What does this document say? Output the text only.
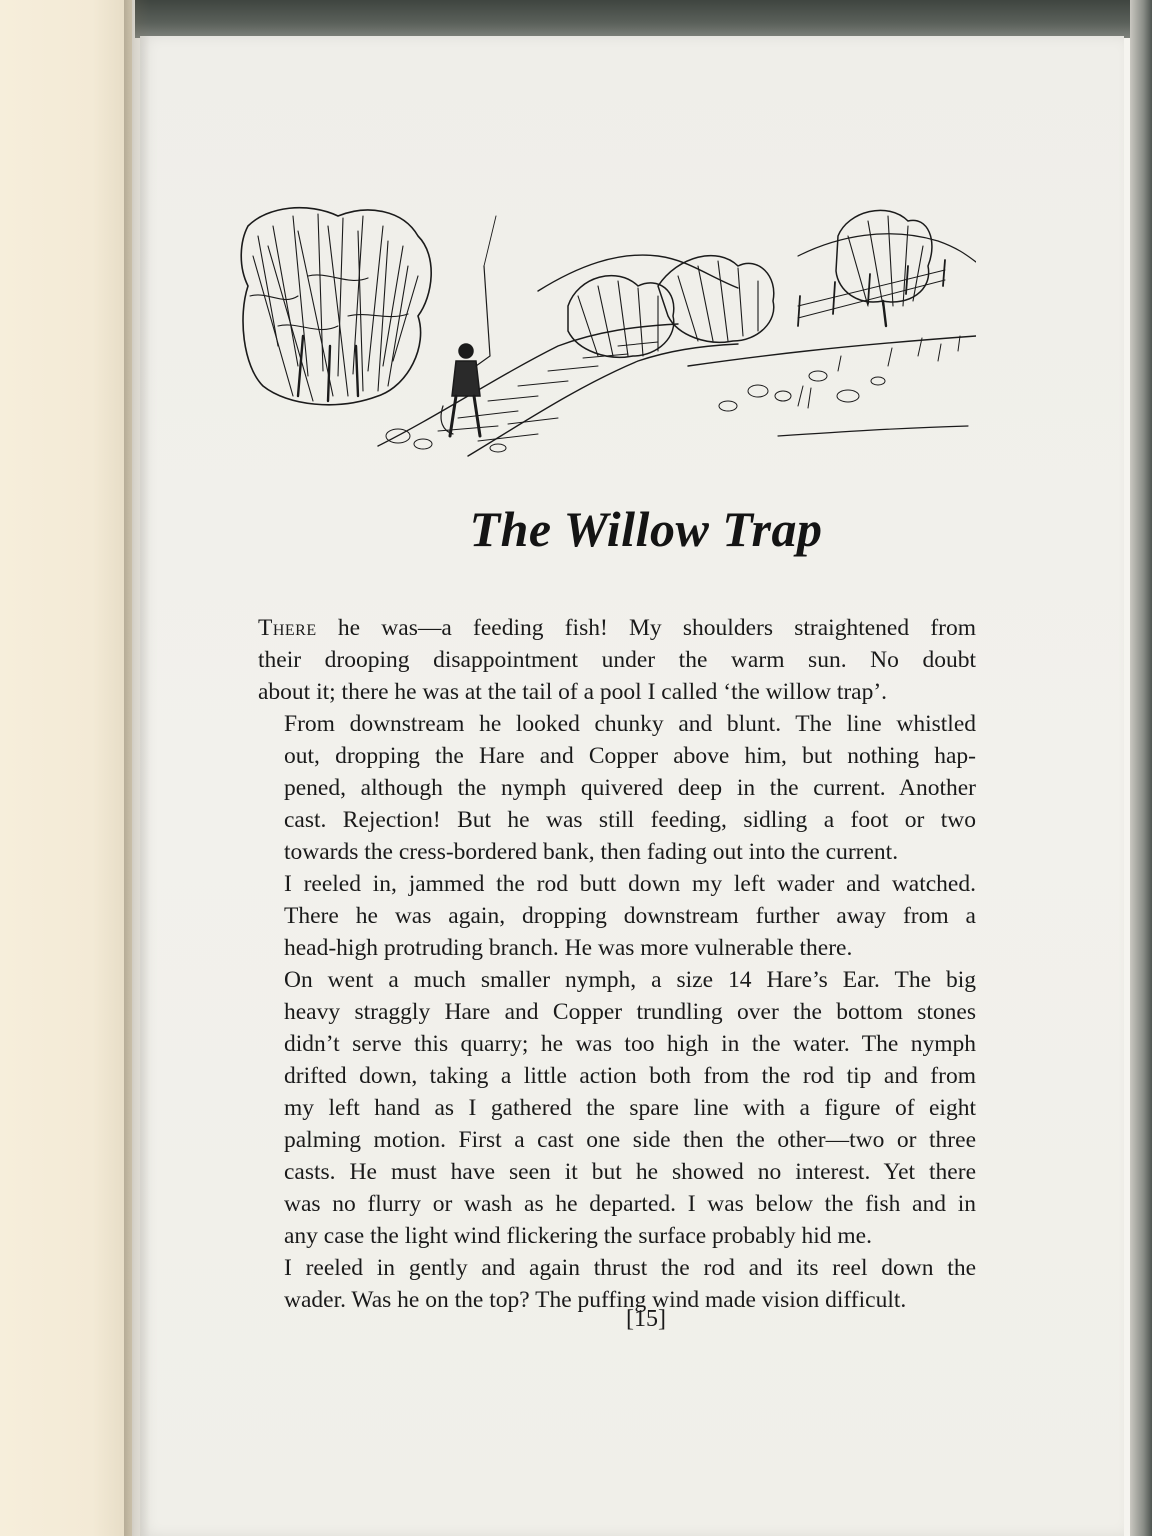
The Willow Trap

There he was—a feeding fish! My shoulders straightened from
their drooping disappointment under the warm sun. No doubt
about it; there he was at the tail of a pool I called ‘the willow trap’.

From downstream he looked chunky and blunt. The line whistled
out, dropping the Hare and Copper above him, but nothing hap-
pened, although the nymph quivered deep in the current. Another
cast. Rejection! But he was still feeding, sidling a foot or two
towards the cress-bordered bank, then fading out into the current.

I reeled in, jammed the rod butt down my left wader and watched.
There he was again, dropping downstream further away from a
head-high protruding branch. He was more vulnerable there.

On went a much smaller nymph, a size 14 Hare’s Ear. The big
heavy straggly Hare and Copper trundling over the bottom stones
didn’t serve this quarry; he was too high in the water. The nymph
drifted down, taking a little action both from the rod tip and from
my left hand as I gathered the spare line with a figure of eight
palming motion. First a cast one side then the other—two or three
casts. He must have seen it but he showed no interest. Yet there
was no flurry or wash as he departed. I was below the fish and in
any case the light wind flickering the surface probably hid me.

I reeled in gently and again thrust the rod and its reel down the
wader. Was he on the top? The puffing wind made vision difficult.

[15]
